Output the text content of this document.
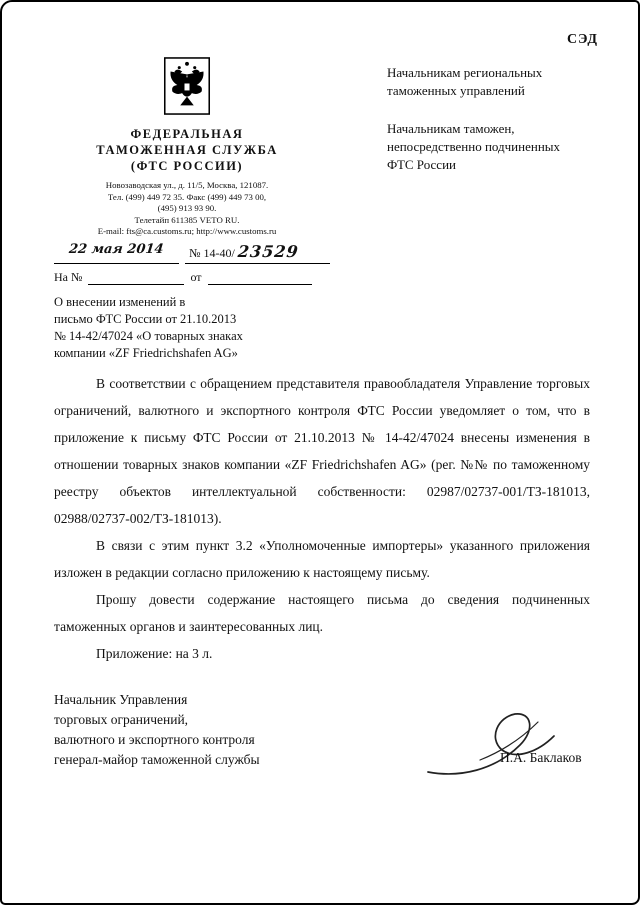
СЭД
ФЕДЕРАЛЬНАЯ
ТАМОЖЕННАЯ СЛУЖБА
(ФТС РОССИИ)
Новозаводская ул., д. 11/5, Москва, 121087.
Тел. (499) 449 72 35. Факс (499) 449 73 00,
(495) 913 93 90.
Телетайп 611385 VETO RU.
E-mail: fts@ca.customs.ru; http://www.customs.ru
Начальникам региональных
таможенных управлений
Начальникам таможен,
непосредственно подчиненных
ФТС России
22 мая 2014	№ 14-40/ 23529
На №	от
О внесении изменений в
письмо ФТС России от 21.10.2013
№ 14-42/47024 «О товарных знаках
компании «ZF Friedrichshafen AG»

В соответствии с обращением представителя правообладателя Управление торговых ограничений, валютного и экспортного контроля ФТС России уведомляет о том, что в приложение к письму ФТС России от 21.10.2013 № 14-42/47024 внесены изменения в отношении товарных знаков компании «ZF Friedrichshafen AG» (рег. №№ по таможенному реестру объектов интеллектуальной собственности: 02987/02737-001/ТЗ-181013, 02988/02737-002/ТЗ-181013).

В связи с этим пункт 3.2 «Уполномоченные импортеры» указанного приложения изложен в редакции согласно приложению к настоящему письму.

Прошу довести содержание настоящего письма до сведения подчиненных таможенных органов и заинтересованных лиц.

Приложение: на 3 л.

Начальник Управления
торговых ограничений,
валютного и экспортного контроля
генерал-майор таможенной службы	П.А. Баклаков
